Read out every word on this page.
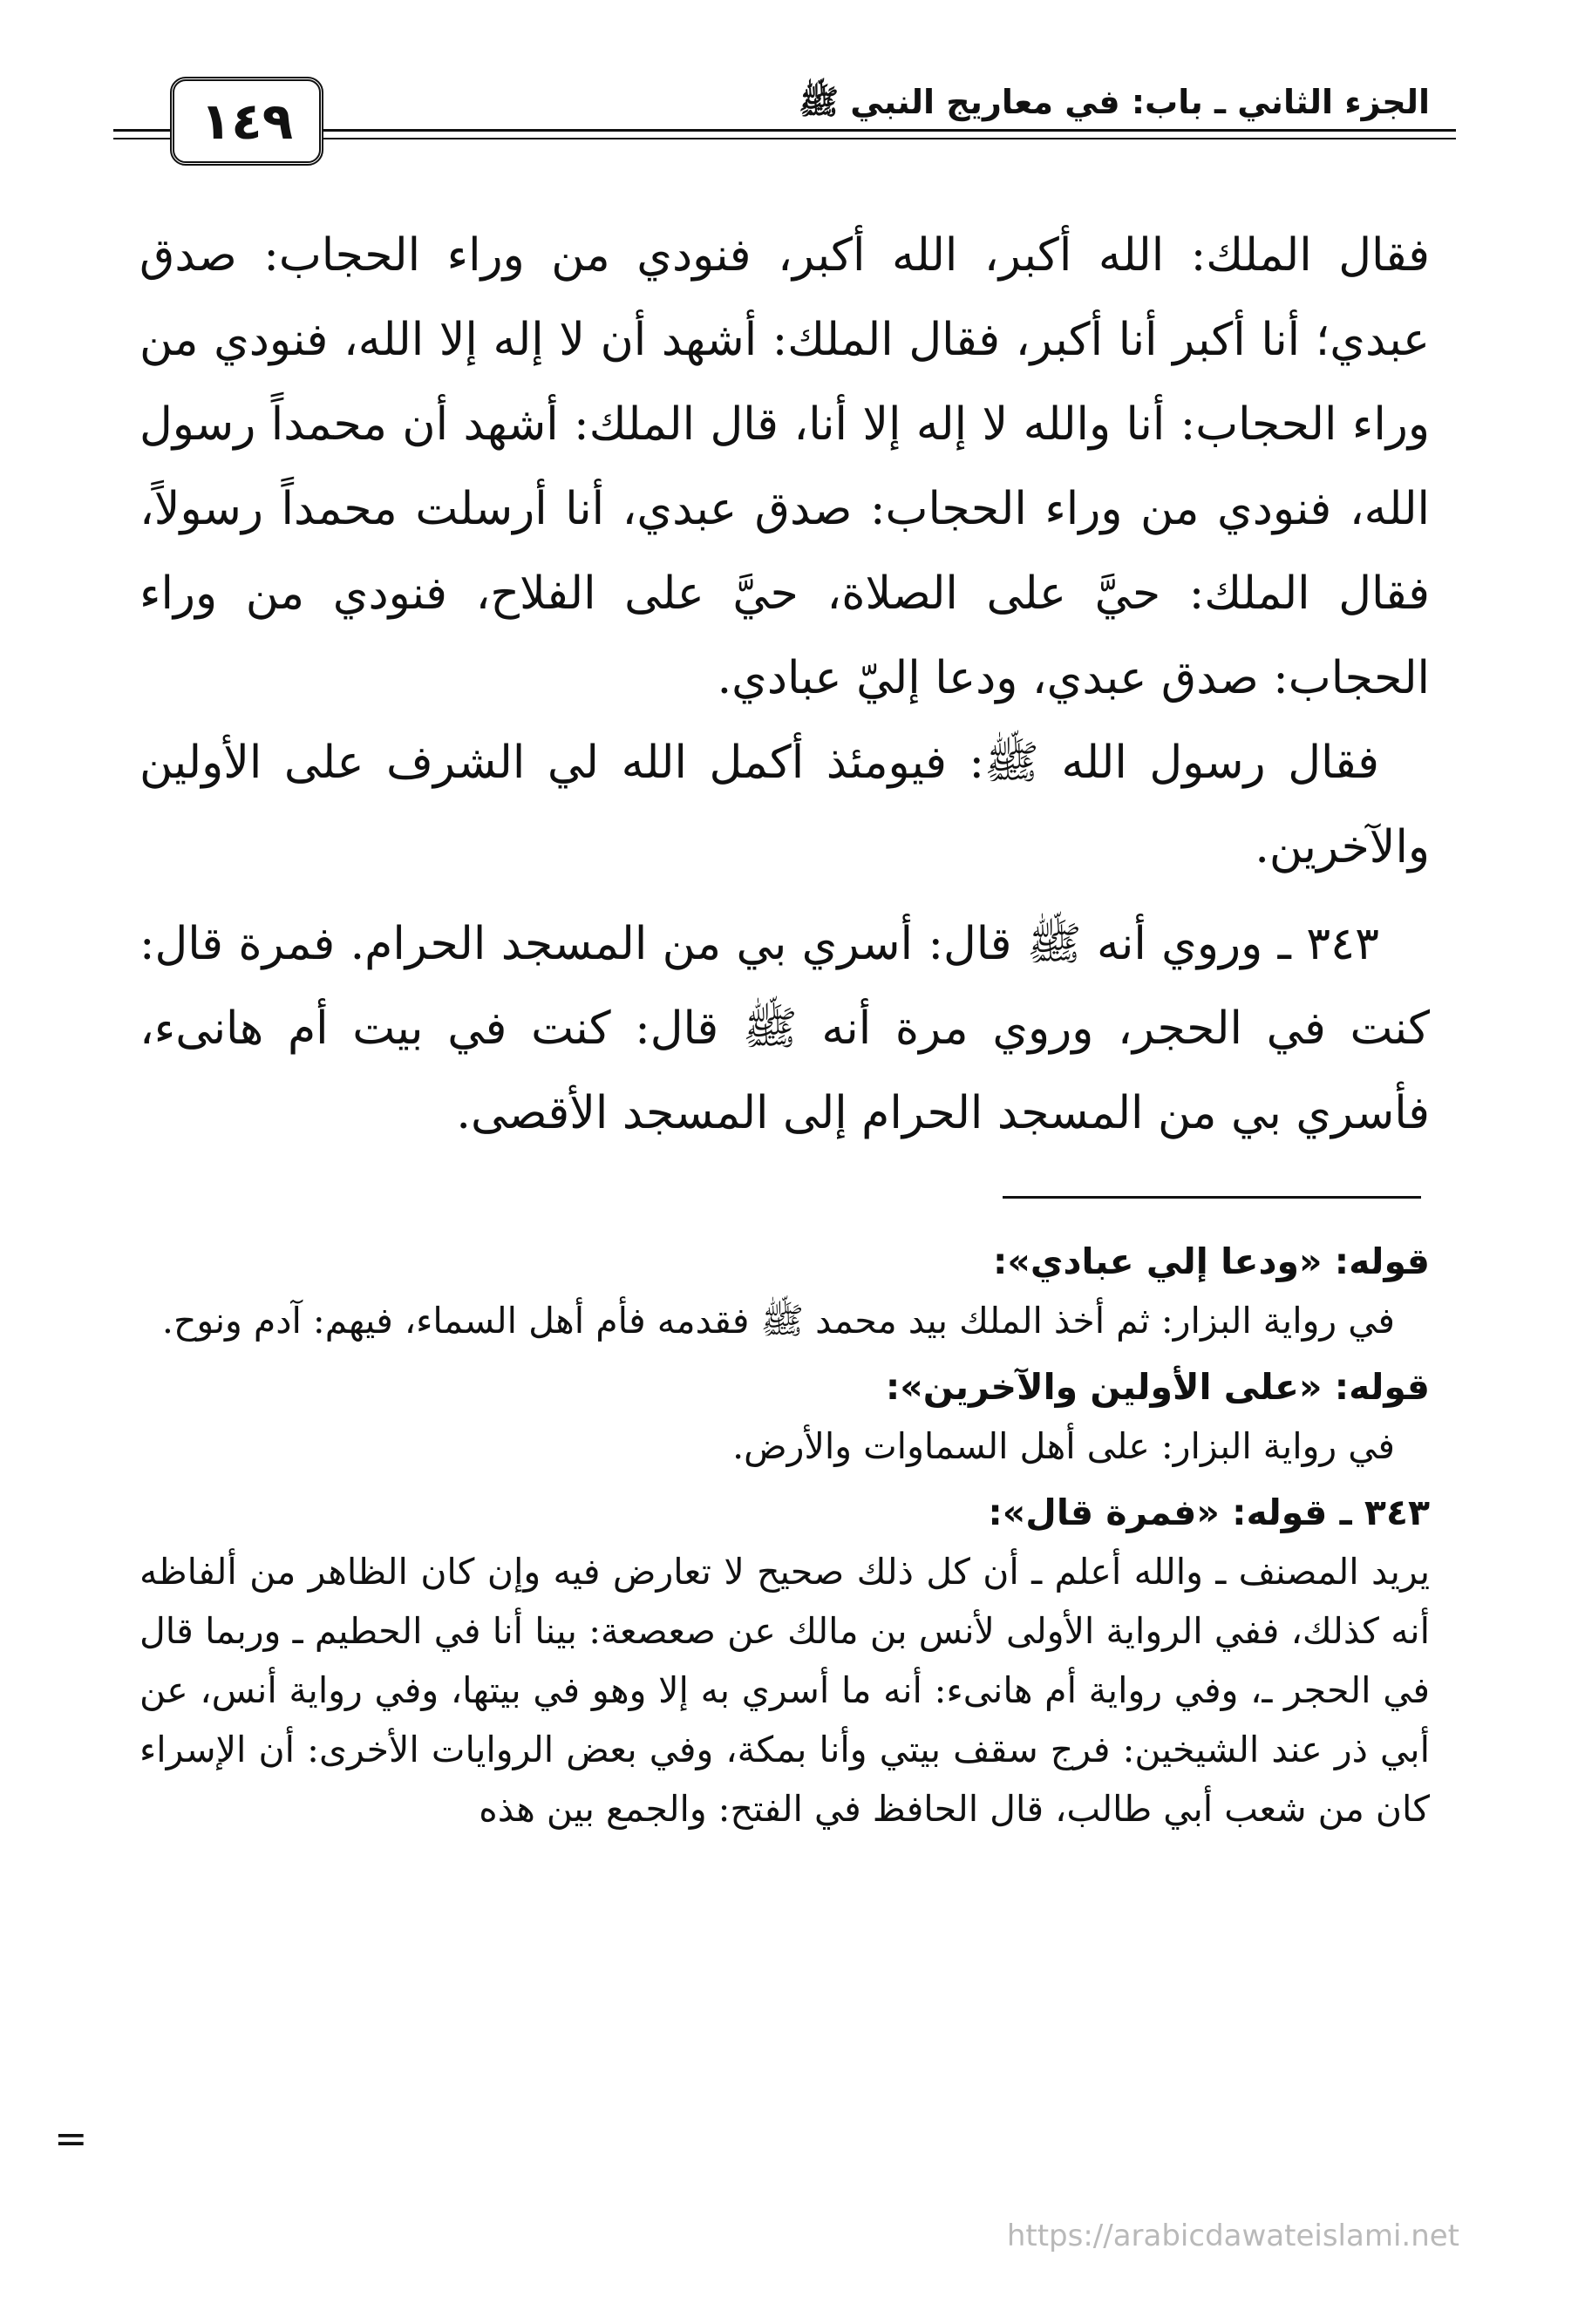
الجزء الثاني ـ باب: في معاريج النبي ﷺ
١٤٩

فقال الملك: الله أكبر، الله أكبر، فنودي من وراء الحجاب: صدق عبدي؛ أنا أكبر أنا أكبر، فقال الملك: أشهد أن لا إله إلا الله، فنودي من وراء الحجاب: أنا والله لا إله إلا أنا، قال الملك: أشهد أن محمداً رسول الله، فنودي من وراء الحجاب: صدق عبدي، أنا أرسلت محمداً رسولاً، فقال الملك: حيَّ على الصلاة، حيَّ على الفلاح، فنودي من وراء الحجاب: صدق عبدي، ودعا إليّ عبادي.

فقال رسول الله ﷺ: فيومئذ أكمل الله لي الشرف على الأولين والآخرين.

٣٤٣ ـ وروي أنه ﷺ قال: أسري بي من المسجد الحرام. فمرة قال: كنت في الحجر، وروي مرة أنه ﷺ قال: كنت في بيت أم هانىء، فأسري بي من المسجد الحرام إلى المسجد الأقصى.

قوله: «ودعا إلي عبادي»:

في رواية البزار: ثم أخذ الملك بيد محمد ﷺ فقدمه فأم أهل السماء، فيهم: آدم ونوح.

قوله: «على الأولين والآخرين»:

في رواية البزار: على أهل السماوات والأرض.

٣٤٣ ـ قوله: «فمرة قال»:

يريد المصنف ـ والله أعلم ـ أن كل ذلك صحيح لا تعارض فيه وإن كان الظاهر من ألفاظه أنه كذلك، ففي الرواية الأولى لأنس بن مالك عن صعصعة: بينا أنا في الحطيم ـ وربما قال في الحجر ـ، وفي رواية أم هانىء: أنه ما أسري به إلا وهو في بيتها، وفي رواية أنس، عن أبي ذر عند الشيخين: فرج سقف بيتي وأنا بمكة، وفي بعض الروايات الأخرى: أن الإسراء كان من شعب أبي طالب، قال الحافظ في الفتح: والجمع بين هذه

=
https://arabicdawateislami.net
